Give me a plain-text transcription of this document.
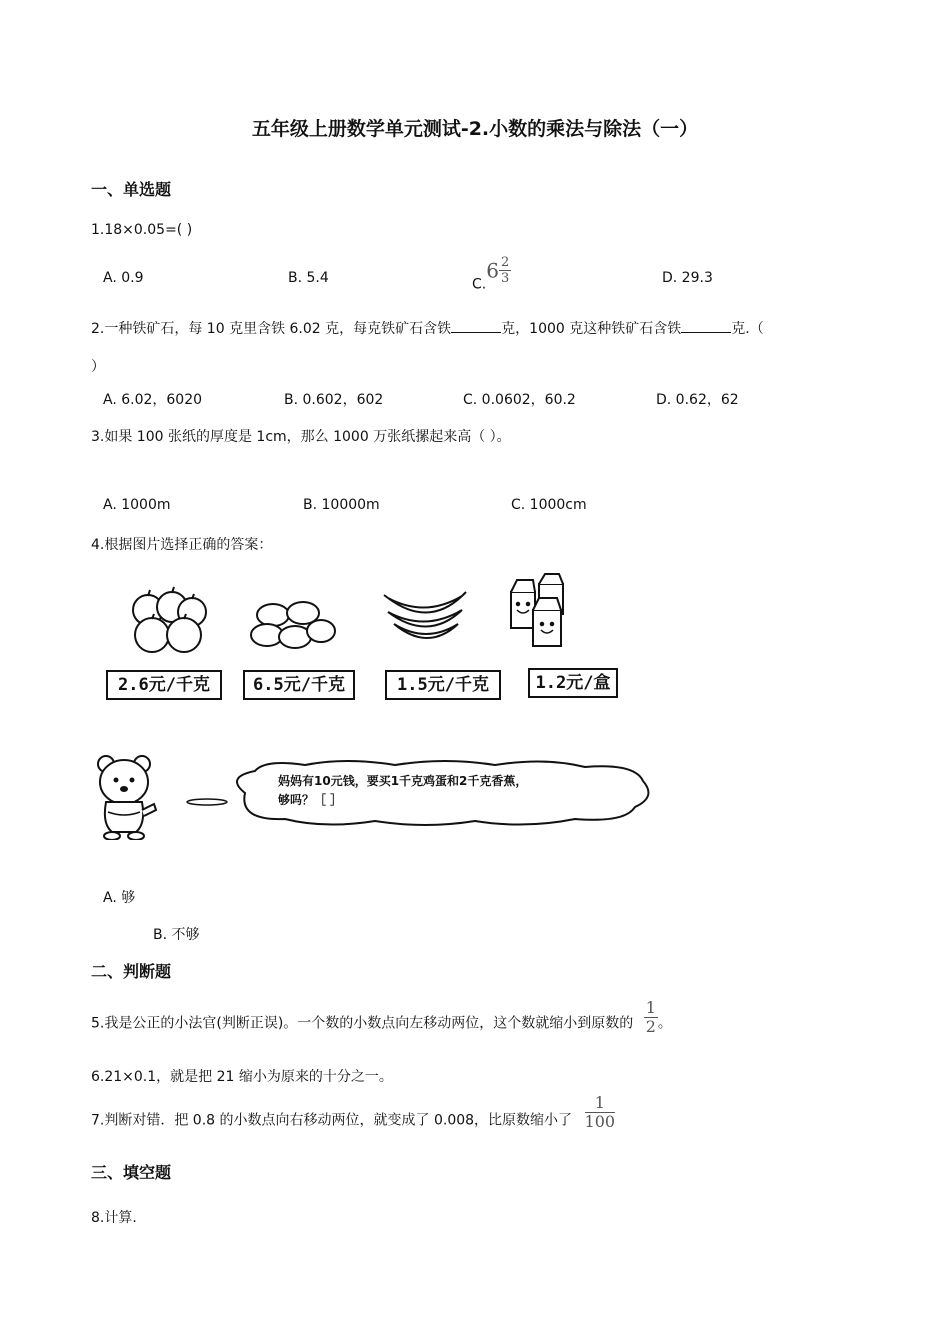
五年级上册数学单元测试-2.小数的乘法与除法（一）
一、单选题
1.18×0.05=( )
A. 0.9	B. 5.4	$C.6 \frac{2}{3}$	D. 29.3
2.一种铁矿石，每 10 克里含铁 6.02 克，每克铁矿石含铁	克，1000 克这种铁矿石含铁	克.（
）
A. 6.02，6020	B. 0.602，602	C. 0.0602，60.2	D. 0.62，62
3.如果 100 张纸的厚度是 1cm，那么 1000 万张纸摞起来高（ ）。
A. 1000m	B. 10000m	C. 1000cm
4.根据图片选择正确的答案：
2.6元/千克	6.5元/千克	1.5元/千克	1.2元/盒
妈妈有10元钱，要买1千克鸡蛋和2千克香蕉，
够吗？［ ］
A. 够
B. 不够
二、判断题
5.我是公正的小法官(判断正误)。一个数的小数点向左移动两位，这个数就缩小到原数的 $\frac{1}{2}$ 。
6.21×0.1，就是把 21 缩小为原来的十分之一。
7.判断对错．把 0.8 的小数点向右移动两位，就变成了 0.008，比原数缩小了 $\frac{1}{100}$
三、填空题
8.计算.
